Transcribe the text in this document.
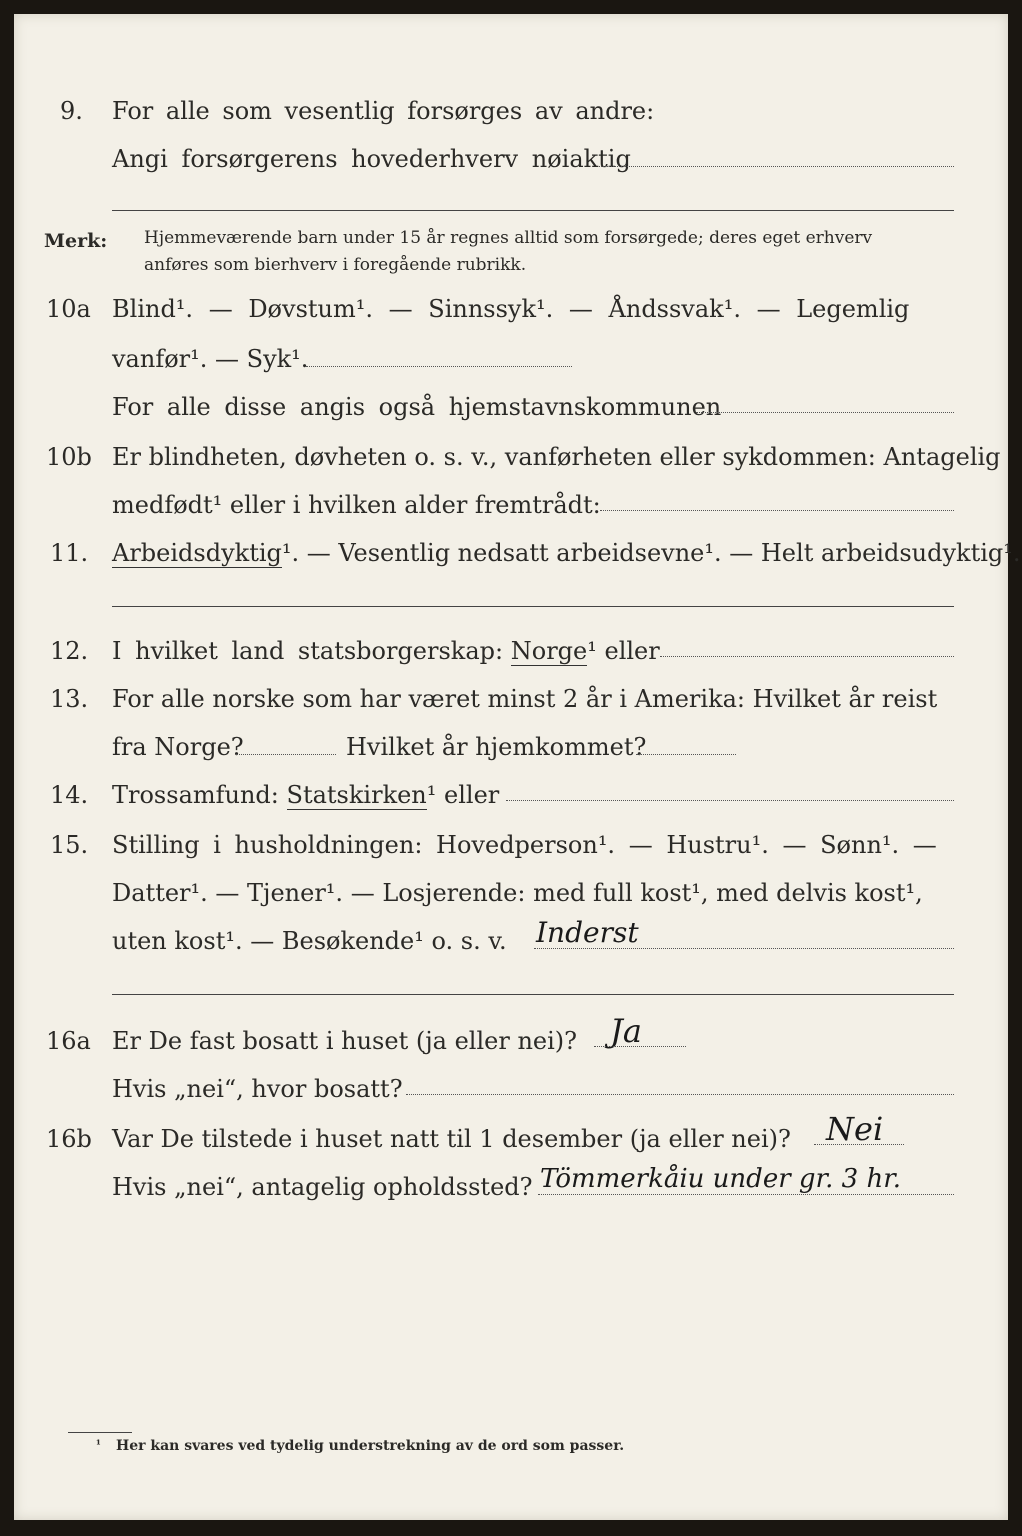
9. For alle som vesentlig forsørges av andre:
Angi forsørgerens hovederhverv nøiaktig
Merk: Hjemmeværende barn under 15 år regnes alltid som forsørgede; deres eget erhverv
anføres som bierhverv i foregående rubrikk.
10a Blind¹. — Døvstum¹. — Sinnssyk¹. — Åndssvak¹. — Legemlig
vanfør¹. — Syk¹.
For alle disse angis også hjemstavnskommunen
10b Er blindheten, døvheten o. s. v., vanførheten eller sykdommen: Antagelig
medfødt¹ eller i hvilken alder fremtrådt:
11. Arbeidsdyktig¹. — Vesentlig nedsatt arbeidsevne¹. — Helt arbeidsudyktig¹.
12. I hvilket land statsborgerskap: Norge¹ eller
13. For alle norske som har været minst 2 år i Amerika: Hvilket år reist
fra Norge?	Hvilket år hjemkommet?
14. Trossamfund: Statskirken¹ eller
15. Stilling i husholdningen: Hovedperson¹. — Hustru¹. — Sønn¹. —
Datter¹. — Tjener¹. — Losjerende: med full kost¹, med delvis kost¹,
uten kost¹. — Besøkende¹ o. s. v. Inderst
16a Er De fast bosatt i huset (ja eller nei)? Ja
Hvis „nei“, hvor bosatt?
16b Var De tilstede i huset natt til 1 desember (ja eller nei)? Nei
Hvis „nei“, antagelig opholdssted? Tömmerkåiu under gr. 3 hr.
¹ Her kan svares ved tydelig understrekning av de ord som passer.
